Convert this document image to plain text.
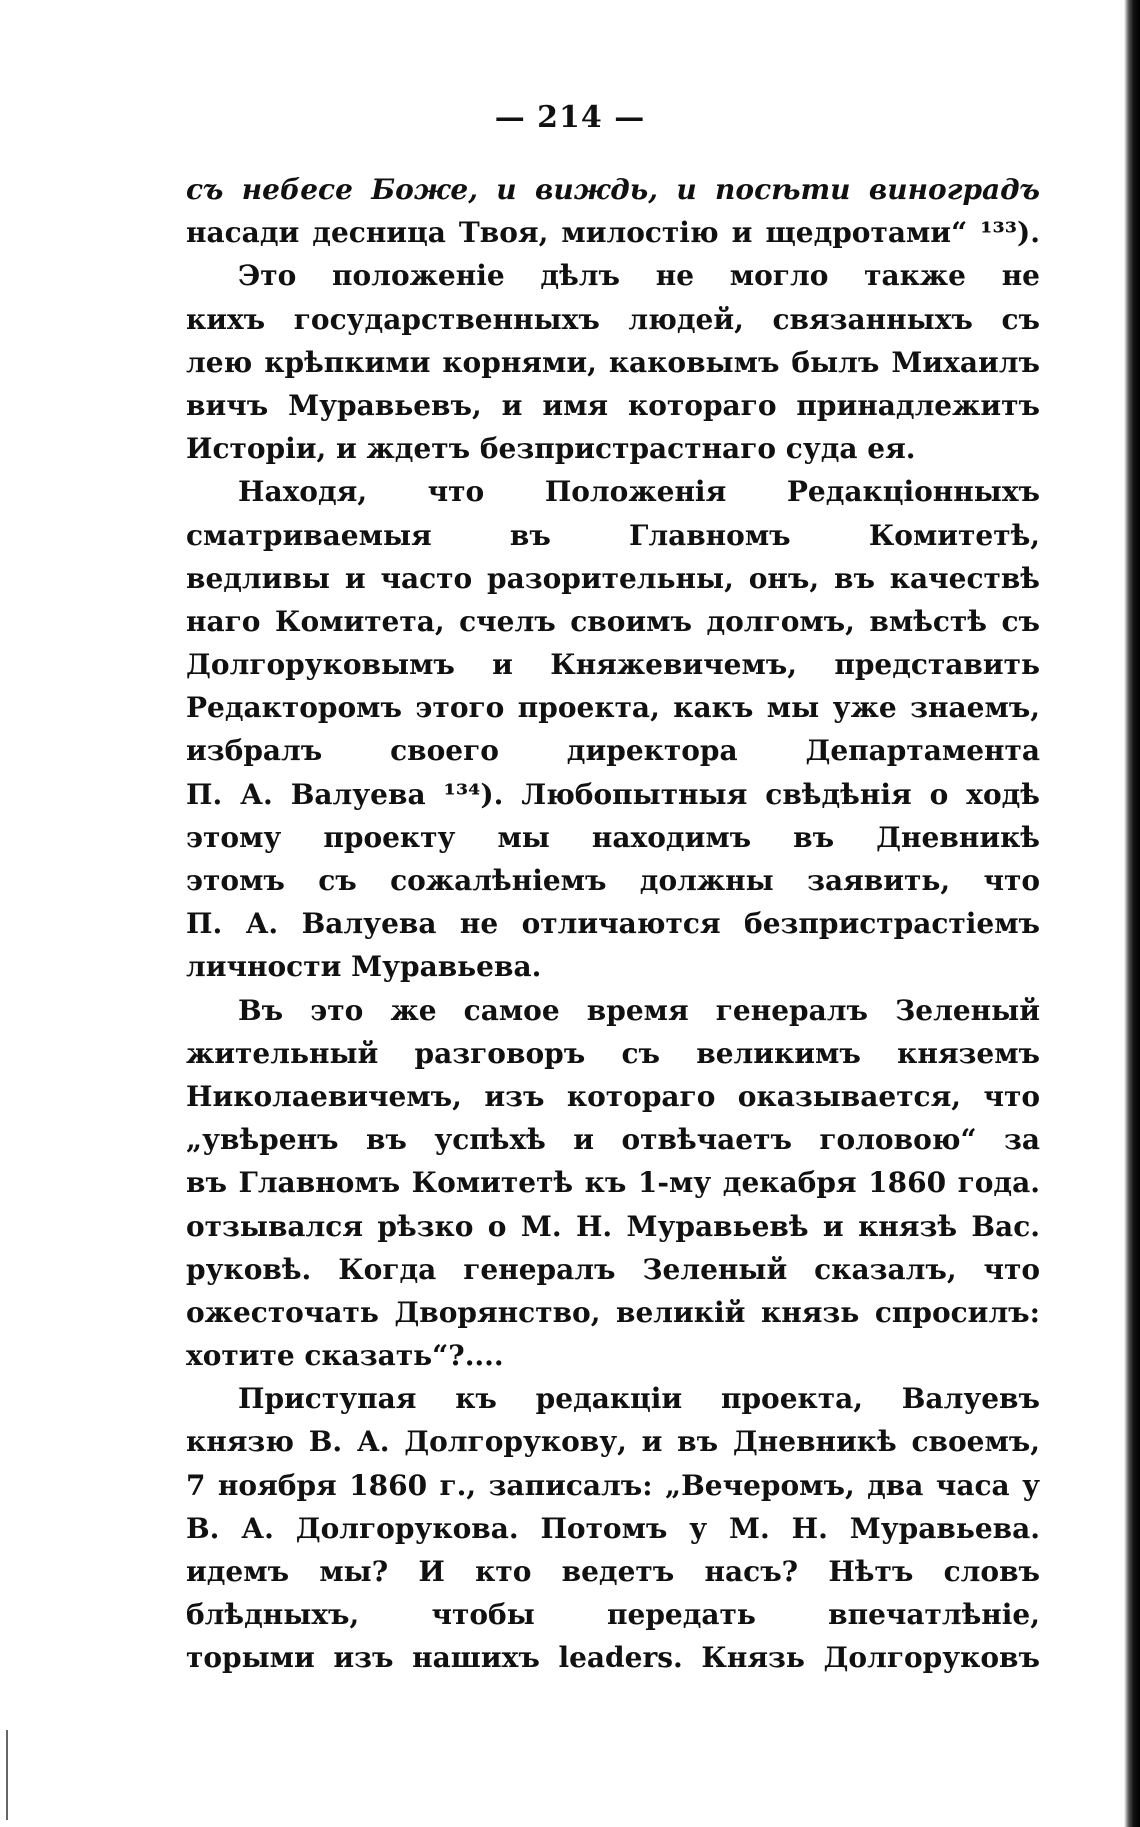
— 214 —
съ небесе Боже, и виждь, и посѣти виноградъ
насади десница Твоя, милостію и щедротами“ ¹³³).
Это положеніе дѣлъ не могло также не
кихъ государственныхъ людей, связанныхъ съ
лею крѣпкими корнями, каковымъ былъ Михаилъ
вичъ Муравьевъ, и имя котораго принадлежитъ
Исторіи, и ждетъ безпристрастнаго суда ея.
Находя, что Положенія Редакціонныхъ
сматриваемыя въ Главномъ Комитетѣ,
ведливы и часто разорительны, онъ, въ качествѣ
наго Комитета, счелъ своимъ долгомъ, вмѣстѣ съ
Долгоруковымъ и Княжевичемъ, представить
Редакторомъ этого проекта, какъ мы уже знаемъ,
избралъ своего директора Департамента
П. А. Валуева ¹³⁴). Любопытныя свѣдѣнія о ходѣ
этому проекту мы находимъ въ Дневникѣ
этомъ съ сожалѣніемъ должны заявить, что
П. А. Валуева не отличаются безпристрастіемъ
личности Муравьева.
Въ это же самое время генералъ Зеленый
жительный разговоръ съ великимъ княземъ
Николаевичемъ, изъ котораго оказывается, что
„увѣренъ въ успѣхѣ и отвѣчаетъ головою“ за
въ Главномъ Комитетѣ къ 1-му декабря 1860 года.
отзывался рѣзко о М. Н. Муравьевѣ и князѣ Вас.
руковѣ. Когда генералъ Зеленый сказалъ, что
ожесточать Дворянство, великій князь спросилъ:
хотите сказать“?....
Приступая къ редакціи проекта, Валуевъ
князю В. А. Долгорукову, и въ Дневникѣ своемъ,
7 ноября 1860 г., записалъ: „Вечеромъ, два часа у
В. А. Долгорукова. Потомъ у М. Н. Муравьева.
идемъ мы? И кто ведетъ насъ? Нѣтъ словъ
блѣдныхъ, чтобы передать впечатлѣніе,
торыми изъ нашихъ leaders. Князь Долгоруковъ
